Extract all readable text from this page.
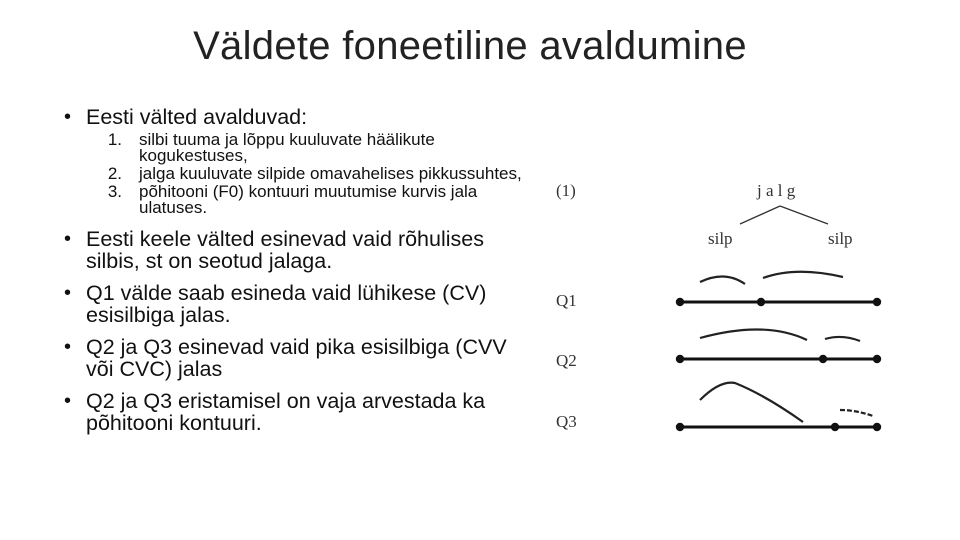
Väldete foneetiline avaldumine

• Eesti välted avalduvad:

1. silbi tuuma ja lõppu kuuluvate häälikute kogukestuses,
2. jalga kuuluvate silpide omavahelises pikkussuhtes,
3. põhitooni (F0) kontuuri muutumise kurvis jala ulatuses.

• Eesti keele välted esinevad vaid rõhulises silbis, st on seotud jalaga.

• Q1 välde saab esineda vaid lühikese (CV) esisilbiga jalas.

• Q2 ja Q3 esinevad vaid pika esisilbiga (CVV või CVC) jalas

• Q2 ja Q3 eristamisel on vaja arvestada ka põhitooni kontuuri.

(1)	j a l g
silp	silp
Q1
Q2
Q3
